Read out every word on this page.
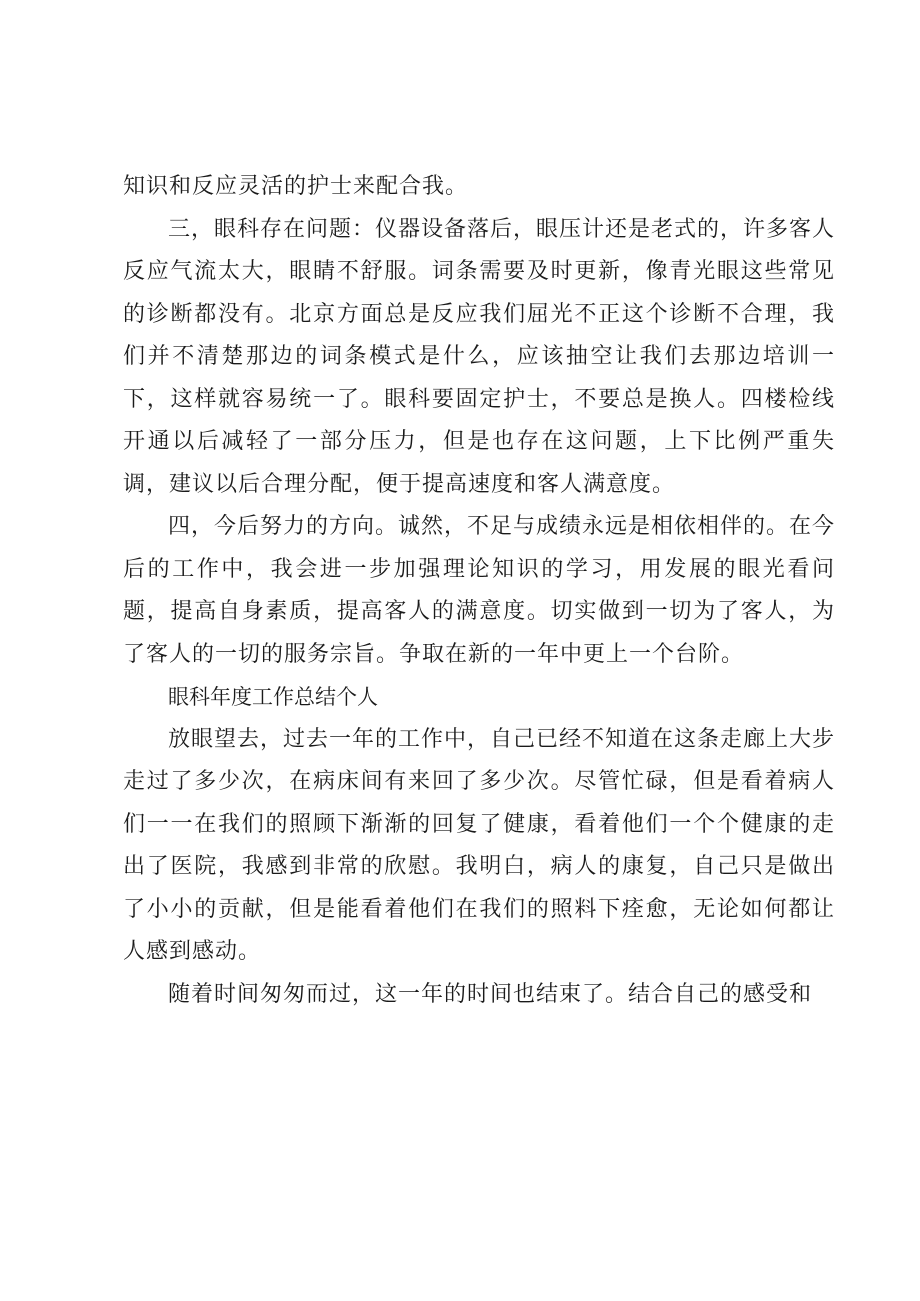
知识和反应灵活的护士来配合我。

三，眼科存在问题：仪器设备落后，眼压计还是老式的，许多客人反应气流太大，眼睛不舒服。词条需要及时更新，像青光眼这些常见的诊断都没有。北京方面总是反应我们屈光不正这个诊断不合理，我们并不清楚那边的词条模式是什么，应该抽空让我们去那边培训一下，这样就容易统一了。眼科要固定护士，不要总是换人。四楼检线开通以后减轻了一部分压力，但是也存在这问题，上下比例严重失调，建议以后合理分配，便于提高速度和客人满意度。

四，今后努力的方向。诚然，不足与成绩永远是相依相伴的。在今后的工作中，我会进一步加强理论知识的学习，用发展的眼光看问题，提高自身素质，提高客人的满意度。切实做到一切为了客人，为了客人的一切的服务宗旨。争取在新的一年中更上一个台阶。

眼科年度工作总结个人

放眼望去，过去一年的工作中，自己已经不知道在这条走廊上大步走过了多少次，在病床间有来回了多少次。尽管忙碌，但是看着病人们一一在我们的照顾下渐渐的回复了健康，看着他们一个个健康的走出了医院，我感到非常的欣慰。我明白，病人的康复，自己只是做出了小小的贡献，但是能看着他们在我们的照料下痊愈，无论如何都让人感到感动。

随着时间匆匆而过，这一年的时间也结束了。结合自己的感受和
